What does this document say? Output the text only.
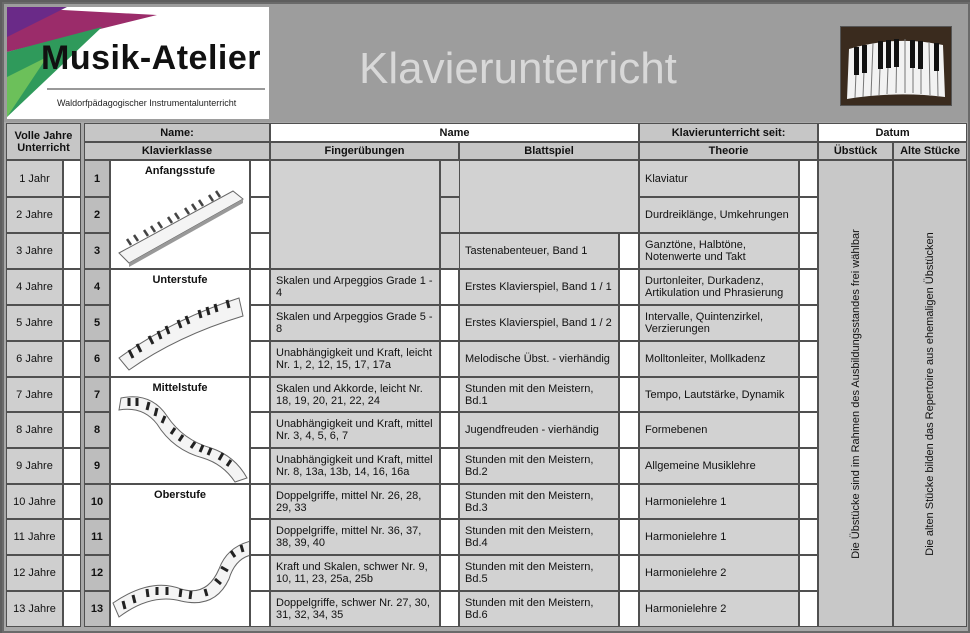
Musik-Atelier
Waldorfpädagogischer Instrumentalunterricht
Klavierunterricht
Volle Jahre Unterricht			Name:			Name				Klavierunterricht seit:		Datum	
			Klavierklasse			Fingerübungen		Blattspiel		Theorie		Übstück	Alte Stücke
1 Jahr			1	Anfangsstufe						Klaviatur		Die Übstücke sind im Rahmen des Ausbildungsstandes frei wählbar	Die alten Stücke bilden das Repertoire aus ehemaligen Übstücken

2 Jahre			2							Durdreiklänge, Umkehrungen			
3 Jahre			3					Tastenabenteuer, Band 1		Ganztöne, Halbtöne, Notenwerte und Takt			
4 Jahre			4	Unterstufe		Skalen und Arpeggios Grade 1 - 4		Erstes Klavierspiel, Band 1 / 1		Durtonleiter, Durkadenz, Artikulation und Phrasierung			
5 Jahre			5			Skalen und Arpeggios Grade 5 - 8		Erstes Klavierspiel, Band 1 / 2		Intervalle, Quintenzirkel, Verzierungen			
6 Jahre			6			Unabhängigkeit und Kraft, leicht Nr. 1, 2, 12, 15, 17, 17a		Melodische Übst. - vierhändig		Molltonleiter, Mollkadenz			
7 Jahre			7	Mittelstufe		Skalen und Akkorde, leicht Nr. 18, 19, 20, 21, 22, 24		Stunden mit den Meistern, Bd.1		Tempo, Lautstärke, Dynamik			
8 Jahre			8			Unabhängigkeit und Kraft, mittel Nr. 3, 4, 5, 6, 7		Jugendfreuden - vierhändig		Formebenen			
9 Jahre			9			Unabhängigkeit und Kraft, mittel Nr. 8, 13a, 13b, 14, 16, 16a		Stunden mit den Meistern, Bd.2		Allgemeine Musiklehre			
10 Jahre			10	Oberstufe		Doppelgriffe, mittel Nr. 26, 28, 29, 33		Stunden mit den Meistern, Bd.3		Harmonielehre 1			
11 Jahre			11			Doppelgriffe, mittel Nr. 36, 37, 38, 39, 40		Stunden mit den Meistern, Bd.4		Harmonielehre 1			
12 Jahre			12			Kraft und Skalen, schwer Nr. 9, 10, 11, 23, 25a, 25b		Stunden mit den Meistern, Bd.5		Harmonielehre 2			
13 Jahre			13			Doppelgriffe, schwer Nr. 27, 30, 31, 32, 34, 35		Stunden mit den Meistern, Bd.6		Harmonielehre 2			
